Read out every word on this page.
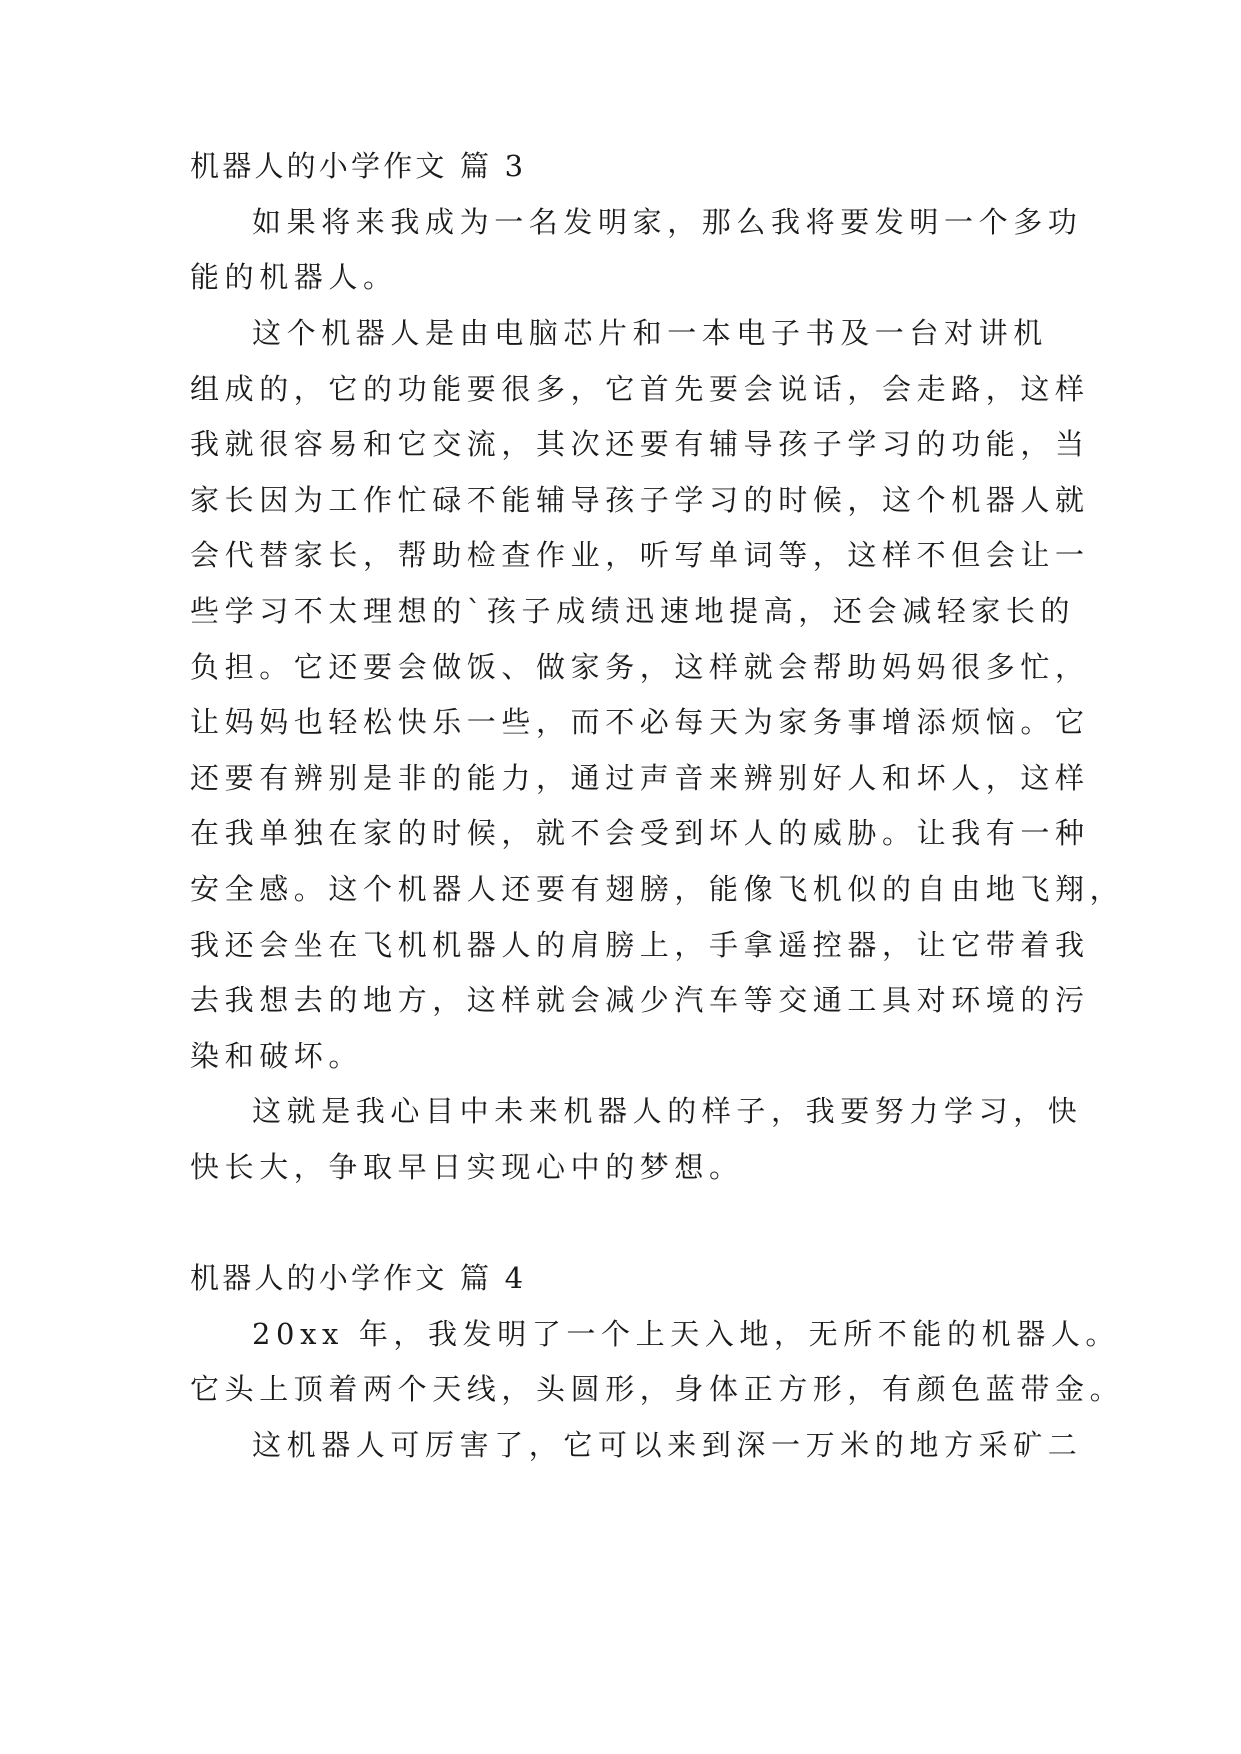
机器人的小学作文 篇 3
如果将来我成为一名发明家，那么我将要发明一个多功
能的机器人。
这个机器人是由电脑芯片和一本电子书及一台对讲机
组成的，它的功能要很多，它首先要会说话，会走路，这样
我就很容易和它交流，其次还要有辅导孩子学习的功能，当
家长因为工作忙碌不能辅导孩子学习的时候，这个机器人就
会代替家长，帮助检查作业，听写单词等，这样不但会让一
些学习不太理想的`孩子成绩迅速地提高，还会减轻家长的
负担。它还要会做饭、做家务，这样就会帮助妈妈很多忙，
让妈妈也轻松快乐一些，而不必每天为家务事增添烦恼。它
还要有辨别是非的能力，通过声音来辨别好人和坏人，这样
在我单独在家的时候，就不会受到坏人的威胁。让我有一种
安全感。这个机器人还要有翅膀，能像飞机似的自由地飞翔，
我还会坐在飞机机器人的肩膀上，手拿遥控器，让它带着我
去我想去的地方，这样就会减少汽车等交通工具对环境的污
染和破坏。
这就是我心目中未来机器人的样子，我要努力学习，快
快长大，争取早日实现心中的梦想。
机器人的小学作文 篇 4
20xx 年，我发明了一个上天入地，无所不能的机器人。
它头上顶着两个天线，头圆形，身体正方形，有颜色蓝带金。
这机器人可厉害了，它可以来到深一万米的地方采矿二
